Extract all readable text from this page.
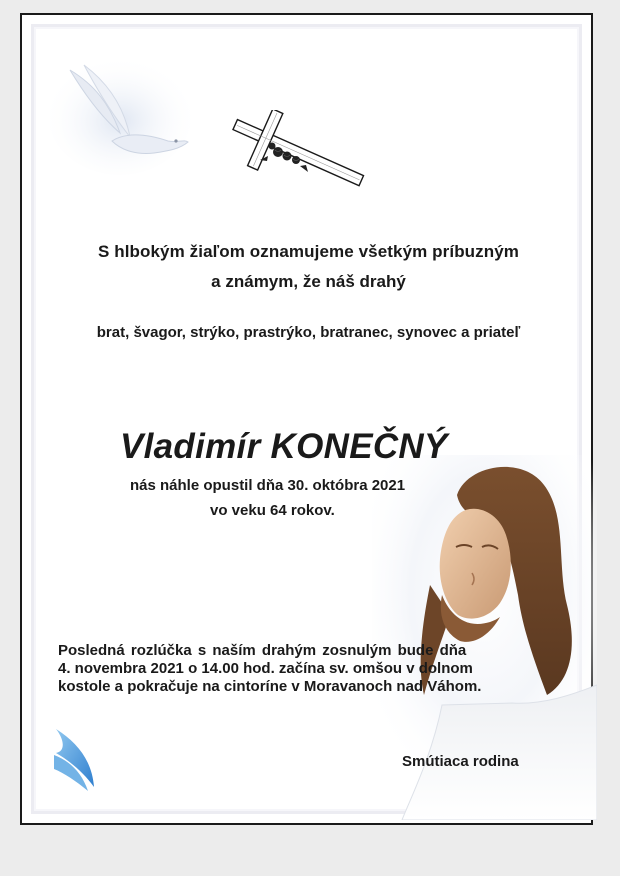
S hlbokým žiaľom oznamujeme všetkým príbuzným

a známym, že náš drahý

brat, švagor, strýko, prastrýko, bratranec, synovec a priateľ

Vladimír KONEČNÝ

nás náhle opustil dňa 30. októbra 2021

vo veku 64 rokov.

Posledná rozlúčka s naším drahým zosnulým bude dňa

4. novembra 2021 o 14.00 hod. začína sv. omšou v dolnom

kostole a pokračuje na cintoríne v Moravanoch nad Váhom.

Smútiaca rodina
